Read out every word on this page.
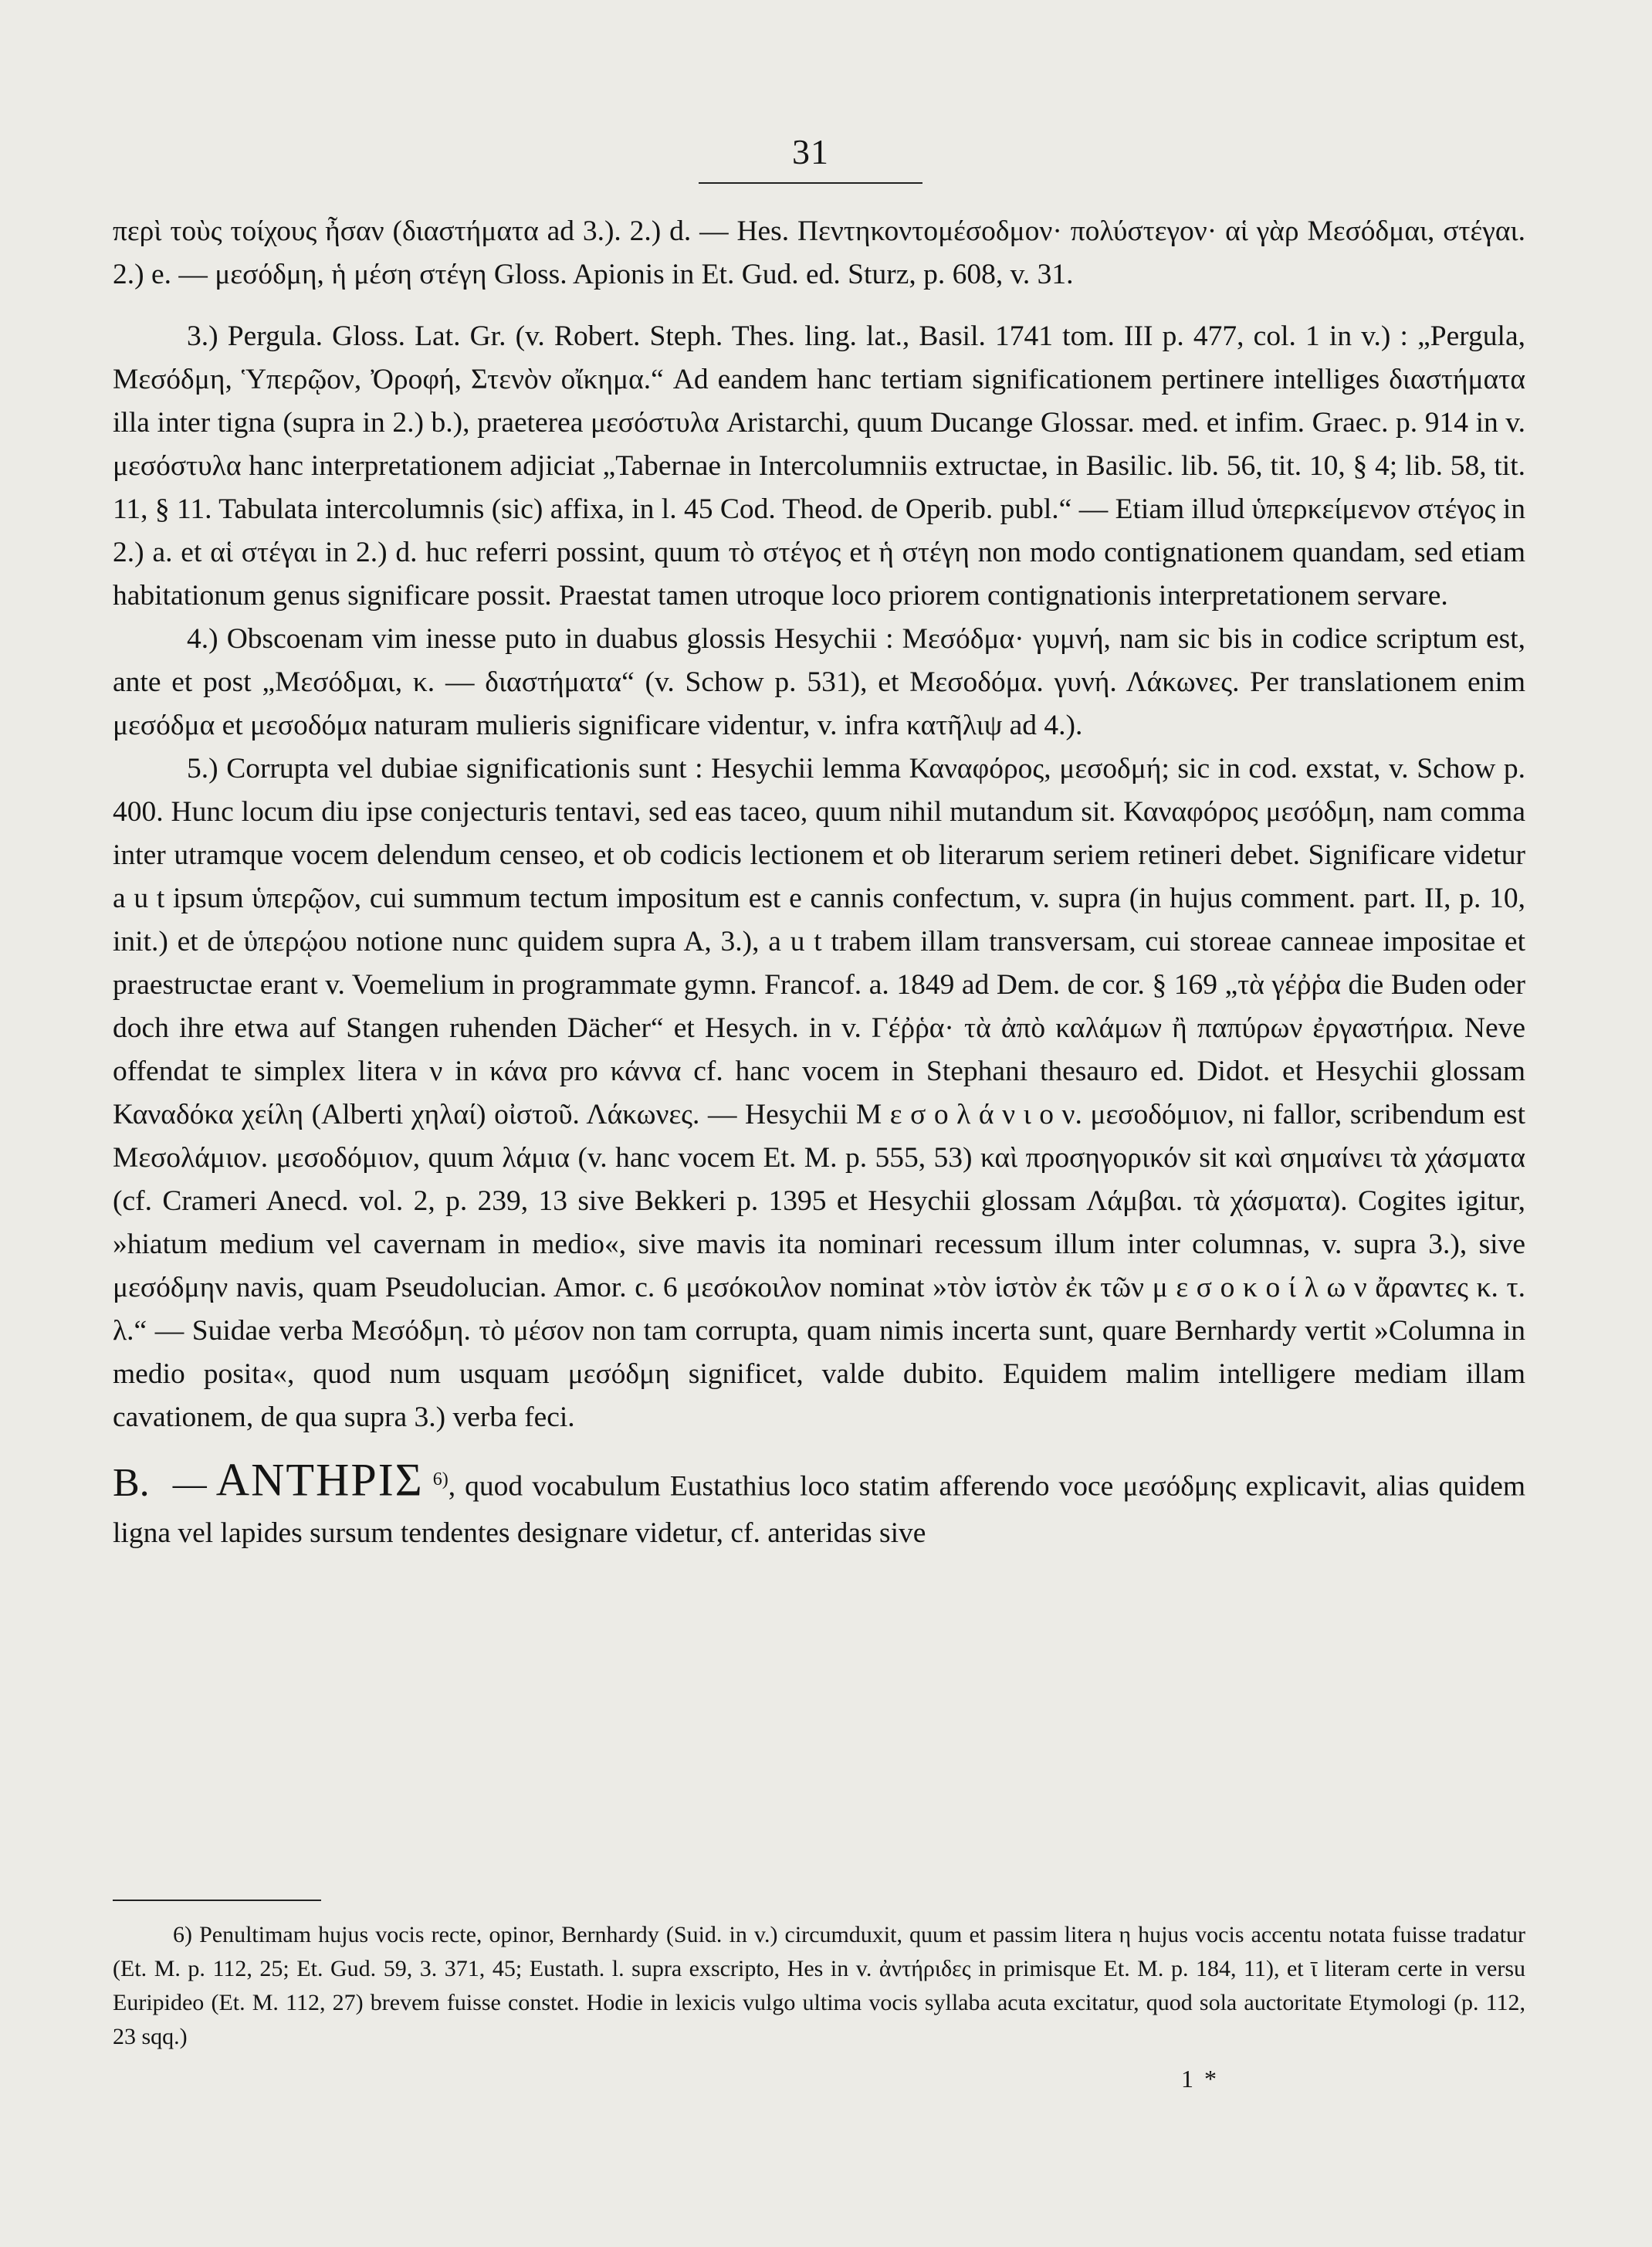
31

περὶ τοὺς τοίχους ἦσαν (διαστήματα ad 3.). 2.) d. — Hes. Πεντηκοντομέσοδμον· πολύστεγον· αἱ γὰρ Μεσόδμαι, στέγαι. 2.) e. — μεσόδμη, ἡ μέση στέγη Gloss. Apionis in Et. Gud. ed. Sturz, p. 608, v. 31.

3.) Pergula. Gloss. Lat. Gr. (v. Robert. Steph. Thes. ling. lat., Basil. 1741 tom. III p. 477, col. 1 in v.) : „Pergula, Μεσόδμη, Ὑπερῷον, Ὀροφή, Στενὸν οἴκημα.“ Ad eandem hanc tertiam significationem pertinere intelliges διαστήματα illa inter tigna (supra in 2.) b.), praeterea μεσόστυλα Aristarchi, quum Ducange Glossar. med. et infim. Graec. p. 914 in v. μεσόστυλα hanc interpretationem adjiciat „Tabernae in Intercolumniis extructae, in Basilic. lib. 56, tit. 10, § 4; lib. 58, tit. 11, § 11. Tabulata intercolumnis (sic) affixa, in l. 45 Cod. Theod. de Operib. publ.“ — Etiam illud ὑπερκείμενον στέγος in 2.) a. et αἱ στέγαι in 2.) d. huc referri possint, quum τὸ στέγος et ἡ στέγη non modo contignationem quandam, sed etiam habitationum genus significare possit. Praestat tamen utroque loco priorem contignationis interpretationem servare.

4.) Obscoenam vim inesse puto in duabus glossis Hesychii : Μεσόδμα· γυμνή, nam sic bis in codice scriptum est, ante et post „Μεσόδμαι, κ. — διαστήματα“ (v. Schow p. 531), et Μεσοδόμα. γυνή. Λάκωνες. Per translationem enim μεσόδμα et μεσοδόμα naturam mulieris significare videntur, v. infra κατῆλιψ ad 4.).

5.) Corrupta vel dubiae significationis sunt : Hesychii lemma Καναφόρος, μεσοδμή; sic in cod. exstat, v. Schow p. 400. Hunc locum diu ipse conjecturis tentavi, sed eas taceo, quum nihil mutandum sit. Καναφόρος μεσόδμη, nam comma inter utramque vocem delendum censeo, et ob codicis lectionem et ob literarum seriem retineri debet. Significare videtur a u t ipsum ὑπερῷον, cui summum tectum impositum est e cannis confectum, v. supra (in hujus comment. part. II, p. 10, init.) et de ὑπερῴου notione nunc quidem supra A, 3.), a u t trabem illam transversam, cui storeae canneae impositae et praestructae erant v. Voemelium in programmate gymn. Francof. a. 1849 ad Dem. de cor. § 169 „τὰ γέῤῥα die Buden oder doch ihre etwa auf Stangen ruhenden Dächer“ et Hesych. in v. Γέῤῥα· τὰ ἀπὸ καλάμων ἢ παπύρων ἐργαστήρια. Neve offendat te simplex litera ν in κάνα pro κάννα cf. hanc vocem in Stephani thesauro ed. Didot. et Hesychii glossam Καναδόκα χείλη (Alberti χηλαί) οἰστοῦ. Λάκωνες. — Hesychii Μ ε σ ο λ ά ν ι ο ν. μεσοδόμιον, ni fallor, scribendum est Μεσολάμιον. μεσοδόμιον, quum λάμια (v. hanc vocem Et. M. p. 555, 53) καὶ προσηγορικόν sit καὶ σημαίνει τὰ χάσματα (cf. Crameri Anecd. vol. 2, p. 239, 13 sive Bekkeri p. 1395 et Hesychii glossam Λάμβαι. τὰ χάσματα). Cogites igitur, »hiatum medium vel cavernam in medio«, sive mavis ita nominari recessum illum inter columnas, v. supra 3.), sive μεσόδμην navis, quam Pseudolucian. Amor. c. 6 μεσόκοιλον nominat »τὸν ἱστὸν ἐκ τῶν μ ε σ ο κ ο ί λ ω ν ἄραντες κ. τ. λ.“ — Suidae verba Μεσόδμη. τὸ μέσον non tam corrupta, quam nimis incerta sunt, quare Bernhardy vertit »Columna in medio posita«, quod num usquam μεσόδμη significet, valde dubito. Equidem malim intelligere mediam illam cavationem, de qua supra 3.) verba feci.

B. — ΑΝΤΗΡΙΣ $^{6)}$, quod vocabulum Eustathius loco statim afferendo voce μεσόδμης explicavit, alias quidem ligna vel lapides sursum tendentes designare videtur, cf. anteridas sive

6) Penultimam hujus vocis recte, opinor, Bernhardy (Suid. in v.) circumduxit, quum et passim litera η hujus vocis accentu notata fuisse tradatur (Et. M. p. 112, 25; Et. Gud. 59, 3. 371, 45; Eustath. l. supra exscripto, Hes in v. ἀντήριδες in primisque Et. M. p. 184, 11), et ῑ literam certe in versu Euripideo (Et. M. 112, 27) brevem fuisse constet. Hodie in lexicis vulgo ultima vocis syllaba acuta excitatur, quod sola auctoritate Etymologi (p. 112, 23 sqq.)

1 *
